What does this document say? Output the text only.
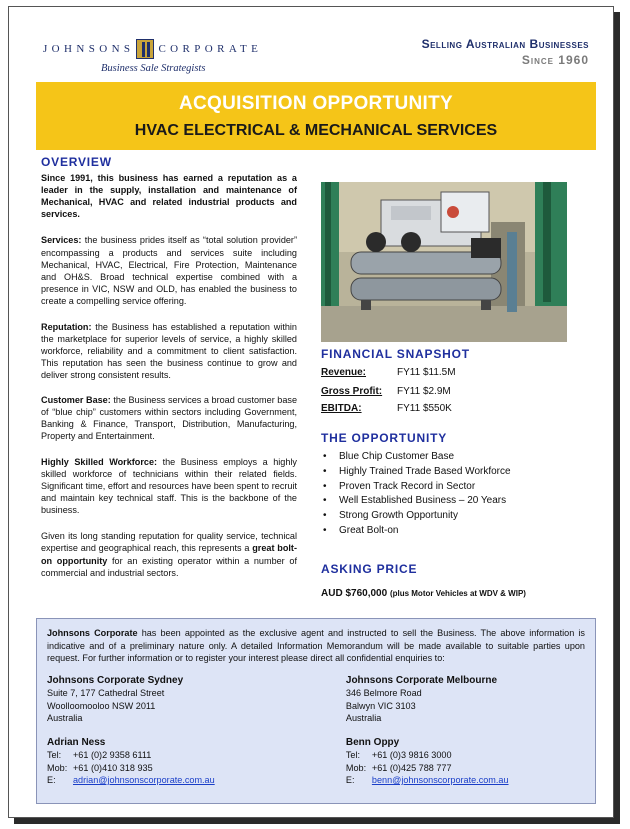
JOHNSONS CORPORATE
Business Sale Strategists
Selling Australian Businesses
Since 1960
ACQUISITION OPPORTUNITY
HVAC ELECTRICAL & MECHANICAL SERVICES
OVERVIEW

Since 1991, this business has earned a reputation as a leader in the supply, installation and maintenance of Mechanical, HVAC and related industrial products and services.

Services: the business prides itself as “total solution provider” encompassing a products and services suite including Mechanical, HVAC, Electrical, Fire Protection, Maintenance and OH&S. Broad technical expertise combined with a presence in VIC, NSW and OLD, has enabled the business to create a compelling service offering.

Reputation: the Business has established a reputation within the marketplace for superior levels of service, a highly skilled workforce, reliability and a commitment to client satisfaction. This reputation has seen the business continue to grow and deliver strong consistent results.

Customer Base: the Business services a broad customer base of “blue chip” customers within sectors including Government, Banking & Finance, Transport, Distribution, Manufacturing, Property and Entertainment.

Highly Skilled Workforce: the Business employs a highly skilled workforce of technicians within their related fields. Significant time, effort and resources have been spent to recruit and maintain key technical staff. This is the backbone of the business.

Given its long standing reputation for quality service, technical expertise and geographical reach, this represents a great bolt-on opportunity for an existing operator within a number of commercial and industrial sectors.

FINANCIAL SNAPSHOT
Revenue:	FY11 $11.5M
Gross Profit:	FY11 $2.9M
EBITDA:	FY11 $550K
THE OPPORTUNITY
• Blue Chip Customer Base
• Highly Trained Trade Based Workforce
• Proven Track Record in Sector
• Well Established Business – 20 Years
• Strong Growth Opportunity
• Great Bolt-on
ASKING PRICE
AUD $760,000 (plus Motor Vehicles at WDV & WIP)

Johnsons Corporate has been appointed as the exclusive agent and instructed to sell the Business. The above information is indicative and of a preliminary nature only. A detailed Information Memorandum will be made available to suitable parties upon request. For further information or to register your interest please direct all confidential enquiries to:

Johnsons Corporate Sydney
Suite 7, 177 Cathedral Street
Woolloomooloo NSW 2011
Australia
Adrian Ness
Tel:	+61 (0)2 9358 6111
Mob: +61 (0)410 318 935
E:	adrian@johnsonscorporate.com.au
Johnsons Corporate Melbourne
346 Belmore Road
Balwyn VIC 3103
Australia
Benn Oppy
Tel:	+61 (0)3 9816 3000
Mob: +61 (0)425 788 777
E:	benn@johnsonscorporate.com.au
